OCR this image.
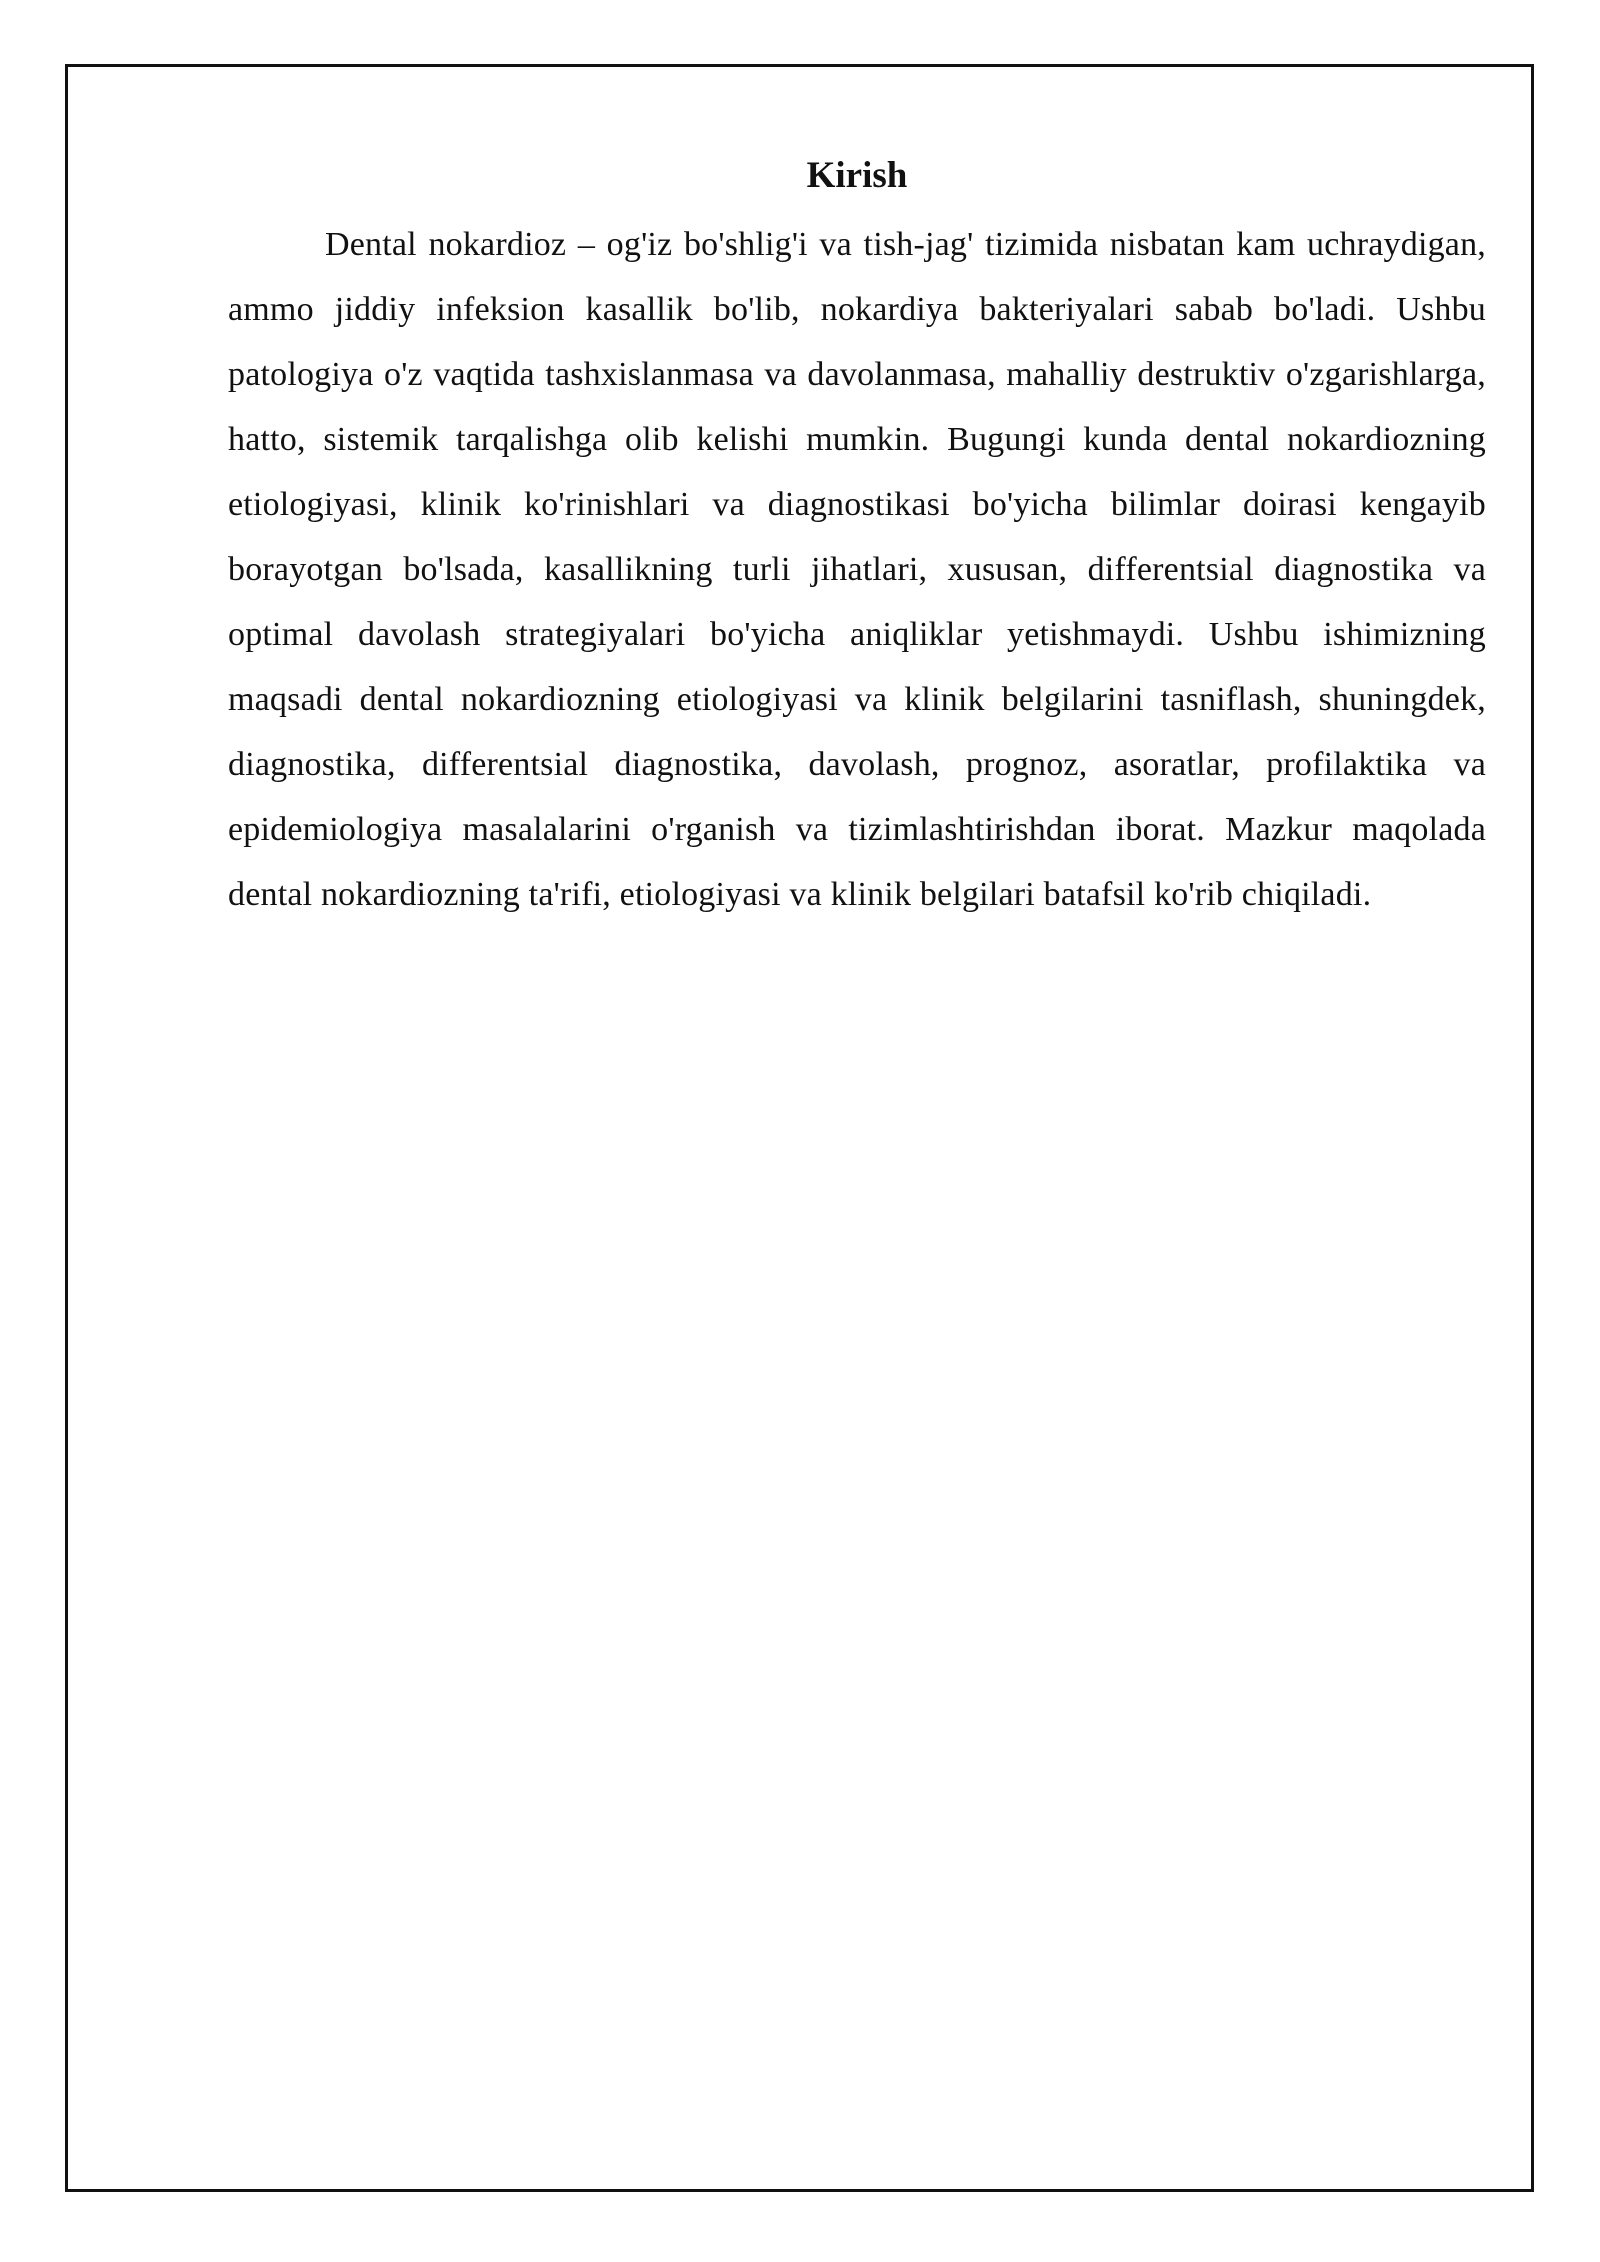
Kirish

Dental nokardioz – og'iz bo'shlig'i va tish-jag' tizimida nisbatan kam uchraydigan, ammo jiddiy infeksion kasallik bo'lib, nokardiya bakteriyalari sabab bo'ladi. Ushbu patologiya o'z vaqtida tashxislanmasa va davolanmasa, mahalliy destruktiv o'zgarishlarga, hatto, sistemik tarqalishga olib kelishi mumkin. Bugungi kunda dental nokardiozning etiologiyasi, klinik ko'rinishlari va diagnostikasi bo'yicha bilimlar doirasi kengayib borayotgan bo'lsada, kasallikning turli jihatlari, xususan, differentsial diagnostika va optimal davolash strategiyalari bo'yicha aniqliklar yetishmaydi. Ushbu ishimizning maqsadi dental nokardiozning etiologiyasi va klinik belgilarini tasniflash, shuningdek, diagnostika, differentsial diagnostika, davolash, prognoz, asoratlar, profilaktika va epidemiologiya masalalarini o'rganish va tizimlashtirishdan iborat. Mazkur maqolada dental nokardiozning ta'rifi, etiologiyasi va klinik belgilari batafsil ko'rib chiqiladi.
